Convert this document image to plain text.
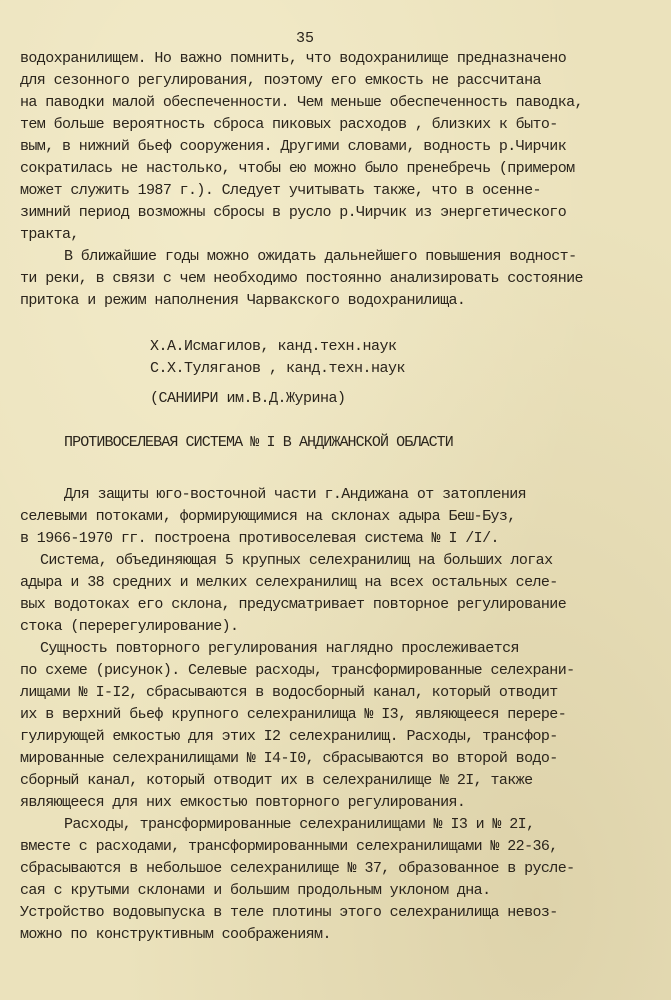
35
водохранилищем. Но важно помнить, что водохранилище предназначено
для сезонного регулирования, поэтому его емкость не рассчитана
на паводки малой обеспеченности. Чем меньше обеспеченность паводка,
тем больше вероятность сброса пиковых расходов , близких к быто-
вым, в нижний бьеф сооружения. Другими словами, водность р.Чирчик
сократилась не настолько, чтобы ею можно было пренебречь (примером
может служить 1987 г.). Следует учитывать также, что в осенне-
зимний период возможны сбросы в русло р.Чирчик из энергетического
тракта,
В ближайшие годы можно ожидать дальнейшего повышения водност-
ти реки, в связи с чем необходимо постоянно анализировать состояние
притока и режим наполнения Чарвакского водохранилища.
Х.А.Исмагилов, канд.техн.наук
С.Х.Туляганов , канд.техн.наук
(САНИИРИ им.В.Д.Журина)
ПРОТИВОСЕЛЕВАЯ СИСТЕМА № I В АНДИЖАНСКОЙ ОБЛАСТИ
Для защиты юго-восточной части г.Андижана от затопления
селевыми потоками, формирующимися на склонах адыра Беш-Буз,
в 1966-1970 гг. построена противоселевая система № I /I/.
Система, объединяющая 5 крупных селехранилищ на больших логах
адыра и 38 средних и мелких селехранилищ на всех остальных селе-
вых водотоках его склона, предусматривает повторное регулирование
стока (перерегулирование).
Сущность повторного регулирования наглядно прослеживается
по схеме (рисунок). Селевые расходы, трансформированные селехрани-
лищами № I-I2, сбрасываются в водосборный канал, который отводит
их в верхний бьеф крупного селехранилища № I3, являющееся перере-
гулирующей емкостью для этих I2 селехранилищ. Расходы, трансфор-
мированные селехранилищами № I4-I0, сбрасываются во второй водо-
сборный канал, который отводит их в селехранилище № 2I, также
являющееся для них емкостью повторного регулирования.
Расходы, трансформированные селехранилищами № I3 и № 2I,
вместе с расходами, трансформированными селехранилищами № 22-36,
сбрасываются в небольшое селехранилище № 37, образованное в русле-
сая с крутыми склонами и большим продольным уклоном дна.
Устройство водовыпуска в теле плотины этого селехранилища невоз-
можно по конструктивным соображениям.
